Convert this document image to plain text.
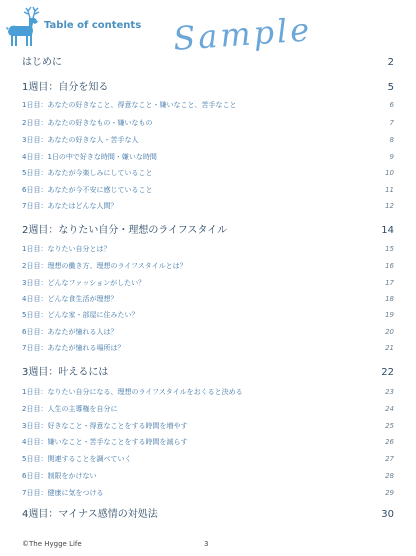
Table of contents Sample
はじめに	2
1週目：自分を知る	5
1日目：あなたの好きなこと、得意なこと・嫌いなこと、苦手なこと	6
2日目：あなたの好きなもの・嫌いなもの	7
3日目：あなたの好きな人・苦手な人	8
4日目：1日の中で好きな時間・嫌いな時間	9
5日目：あなたが今楽しみにしていること	10
6日目：あなたが今不安に感じていること	11
7日目：あなたはどんな人間？	12
2週目：なりたい自分・理想のライフスタイル	14
1日目：なりたい自分とは？	15
2日目：理想の働き方、理想のライフスタイルとは？	16
3日目：どんなファッションがしたい？	17
4日目：どんな食生活が理想？	18
5日目：どんな家・部屋に住みたい？	19
6日目：あなたが憧れる人は？	20
7日目：あなたが憧れる場所は？	21
3週目：叶えるには	22
1日目：なりたい自分になる、理想のライフスタイルをおくると決める	23
2日目：人生の主導権を自分に	24
3日目：好きなこと・得意なことをする時間を増やす	25
4日目：嫌いなこと・苦手なことをする時間を減らす	26
5日目：関連することを調べていく	27
6日目：制限をかけない	28
7日目：健康に気をつける	29
4週目：マイナス感情の対処法	30
©The Hygge Life	3
